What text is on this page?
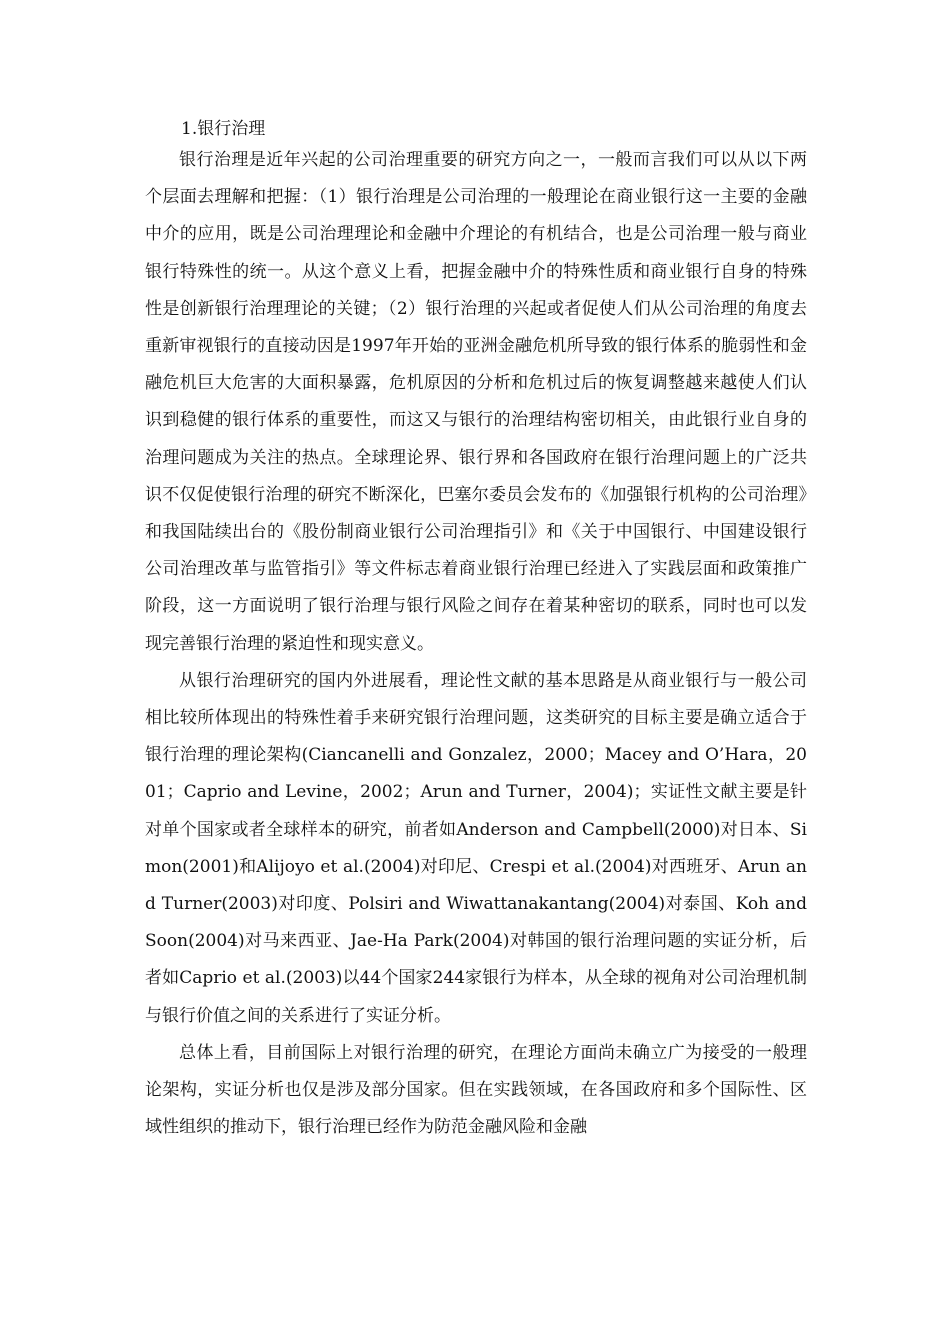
1.银行治理

银行治理是近年兴起的公司治理重要的研究方向之一，一般而言我们可以从以下两个层面去理解和把握：（1）银行治理是公司治理的一般理论在商业银行这一主要的金融中介的应用，既是公司治理理论和金融中介理论的有机结合，也是公司治理一般与商业银行特殊性的统一。从这个意义上看，把握金融中介的特殊性质和商业银行自身的特殊性是创新银行治理理论的关键；（2）银行治理的兴起或者促使人们从公司治理的角度去重新审视银行的直接动因是1997年开始的亚洲金融危机所导致的银行体系的脆弱性和金融危机巨大危害的大面积暴露，危机原因的分析和危机过后的恢复调整越来越使人们认识到稳健的银行体系的重要性，而这又与银行的治理结构密切相关，由此银行业自身的治理问题成为关注的热点。全球理论界、银行界和各国政府在银行治理问题上的广泛共识不仅促使银行治理的研究不断深化，巴塞尔委员会发布的《加强银行机构的公司治理》和我国陆续出台的《股份制商业银行公司治理指引》和《关于中国银行、中国建设银行公司治理改革与监管指引》等文件标志着商业银行治理已经进入了实践层面和政策推广阶段，这一方面说明了银行治理与银行风险之间存在着某种密切的联系，同时也可以发现完善银行治理的紧迫性和现实意义。

从银行治理研究的国内外进展看，理论性文献的基本思路是从商业银行与一般公司相比较所体现出的特殊性着手来研究银行治理问题，这类研究的目标主要是确立适合于银行治理的理论架构(Ciancanelli and Gonzalez，2000；Macey and O’Hara，2001；Caprio and Levine，2002；Arun and Turner，2004)；实证性文献主要是针对单个国家或者全球样本的研究，前者如Anderson and Campbell(2000)对日本、Simon(2001)和Alijoyo et al.(2004)对印尼、Crespi et al.(2004)对西班牙、Arun and Turner(2003)对印度、Polsiri and Wiwattanakantang(2004)对泰国、Koh and Soon(2004)对马来西亚、Jae-Ha Park(2004)对韩国的银行治理问题的实证分析，后者如Caprio et al.(2003)以44个国家244家银行为样本，从全球的视角对公司治理机制与银行价值之间的关系进行了实证分析。

总体上看，目前国际上对银行治理的研究，在理论方面尚未确立广为接受的一般理论架构，实证分析也仅是涉及部分国家。但在实践领域，在各国政府和多个国际性、区域性组织的推动下，银行治理已经作为防范金融风险和金融
